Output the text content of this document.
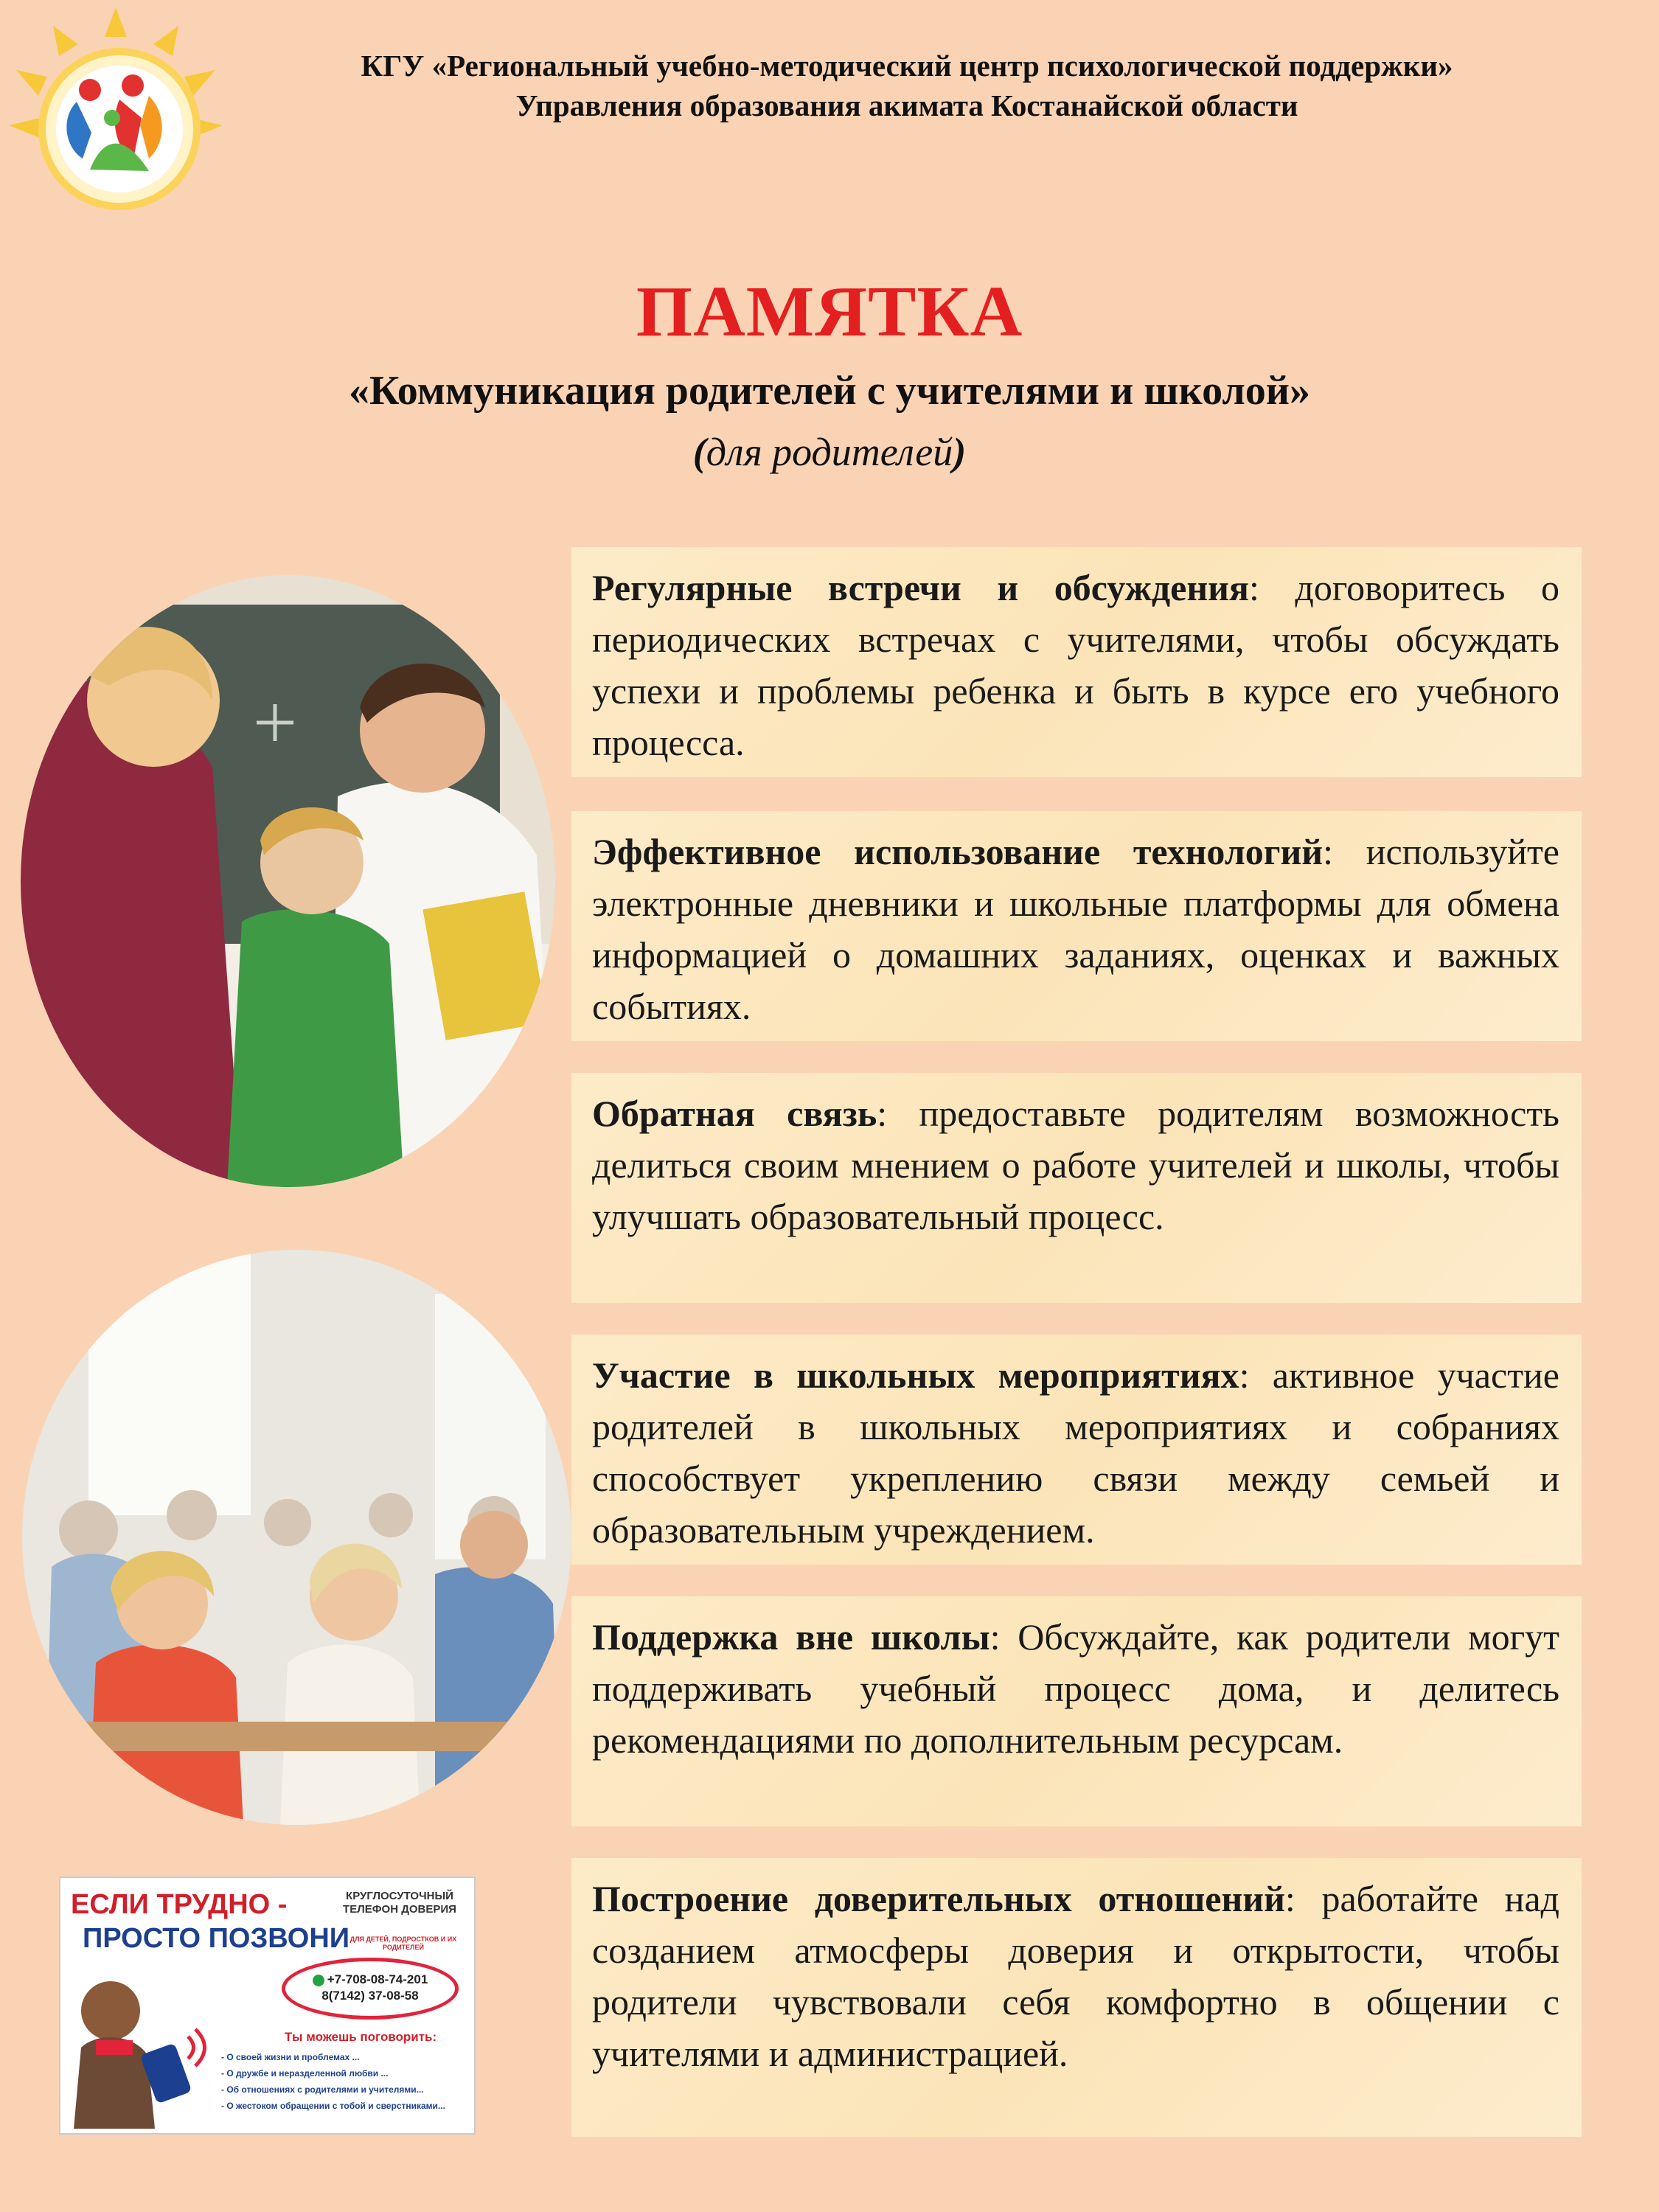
КГУ «Региональный учебно-методический центр психологической поддержки»
Управления образования акимата Костанайской области
ПАМЯТКА
«Коммуникация родителей с учителями и школой»
(для родителей)
ЕСЛИ ТРУДНО -
ПРОСТО ПОЗВОНИ
КРУГЛОСУТОЧНЫЙ ТЕЛЕФОН ДОВЕРИЯ
ДЛЯ ДЕТЕЙ, ПОДРОСТКОВ И ИХ РОДИТЕЛЕЙ
+7-708-08-74-201
8(7142) 37-08-58
Ты можешь поговорить:
- О своей жизни и проблемах ...
- О дружбе и неразделенной любви ...
- Об отношениях с родителями и учителями...
- О жестоком обращении с тобой и сверстниками...

Регулярные встречи и обсуждения: договоритесь о периодических встречах с учителями, чтобы обсуждать успехи и проблемы ребенка и быть в курсе его учебного процесса.

Эффективное использование технологий: используйте электронные дневники и школьные платформы для обмена информацией о домашних заданиях, оценках и важных событиях.

Обратная связь: предоставьте родителям возможность делиться своим мнением о работе учителей и школы, чтобы улучшать образовательный процесс.

Участие в школьных мероприятиях: активное участие родителей в школьных мероприятиях и собраниях способствует укреплению связи между семьей и образовательным учреждением.

Поддержка вне школы: Обсуждайте, как родители могут поддерживать учебный процесс дома, и делитесь рекомендациями по дополнительным ресурсам.

Построение доверительных отношений: работайте над созданием атмосферы доверия и открытости, чтобы родители чувствовали себя комфортно в общении с учителями и администрацией.
